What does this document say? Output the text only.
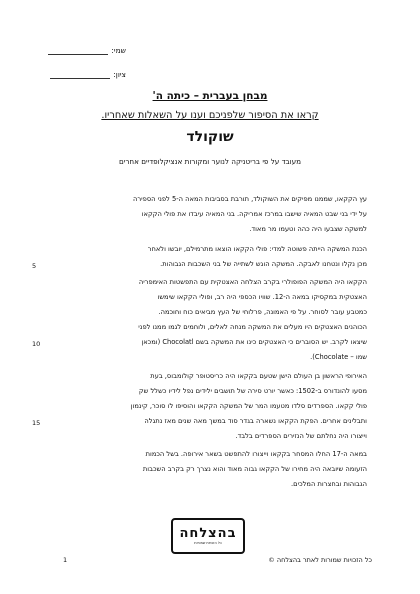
שמי:
ציון:
מבחן בעברית – כיתה ה'
קראו את הסיפור שלפניכם וענו על השאלות שאחריו.
שוקולד
מעובד על פי בריטניקה לנוער ומקורות אנציקלופדיים אחרים
עץ הקקאו, שממנו מפיקים את השוקולד, תורבת בסביבות המאה ה-5 לפני הספירה
על ידי בני שבט המאיה שישבו במרכז אמריקה. בני המאיה עיבדו את פולי הקקאו
למשקה שצבעו היה כהה וטעמו מר מאוד.
הכנת המשקה הייתה פשוטה למדי: פולי הקקאו הוצאו מתרמילם, יובשו ולאחר
מכן נקלו ונטחנו לאבקה. המשקה הוגש לשתייה של בני השכבות הגבוהות.
הקקאו היה המשקה הפופולרי בקרב הצלחה האצטקית עם התפשטות האימפריה
האצטקית במקסיקו במאה ה-12. שוויו הכספי היה רב, ופולי הקקאו שימשו
כמטבע עובר לסוחר. על פי האמונה, פרלוחי של העץ מביאים כוח וחוכמה.
הכוהנים האצטקים היו מעלים את המשקה מנחה לאלים, ולוחמים לגמו ממנו לפני
שיצאו לקרב. יש הסוברים כי האצטקים כינו את המשקה בשם Chocolatl (ומכאן
שמו – Chocolate).
האירופי הראשון בן העולם הישן שטעם בקקאו היה כריסטופר קולומבוס, בעת
מסעו להונדורס ב-1502: כאשר יורט סירה של תושבים ילידים נפל לידיו כשלל שק
פולי קקאו. הספרדים סלדו מטעמו המר של המשקה הקקאו והוסיפו לו סוכר, קינמון
ותבלינים אחרים. הפקת הקקאו נשארה בגדר סוד במשך מאה שנים מאז נתגלה
וייצורו היה נחלתם של הנזירים הספרדים בלבד.
במאה ה-17 החלו המסחר בקקאו וייצורו להתפשט בשאר אירופה. בשל הכמות
הזעומה שיובאה היה מחירו של הקקאו גבוה מאוד והוא נצרך רק בקרב השכבות
הגבוהות ובחצרות המלכים.
5
10
15
בהצלחה
כל הזכויות שמורות
כל הזכויות שמורות לאתר בהצלחה ©
1
